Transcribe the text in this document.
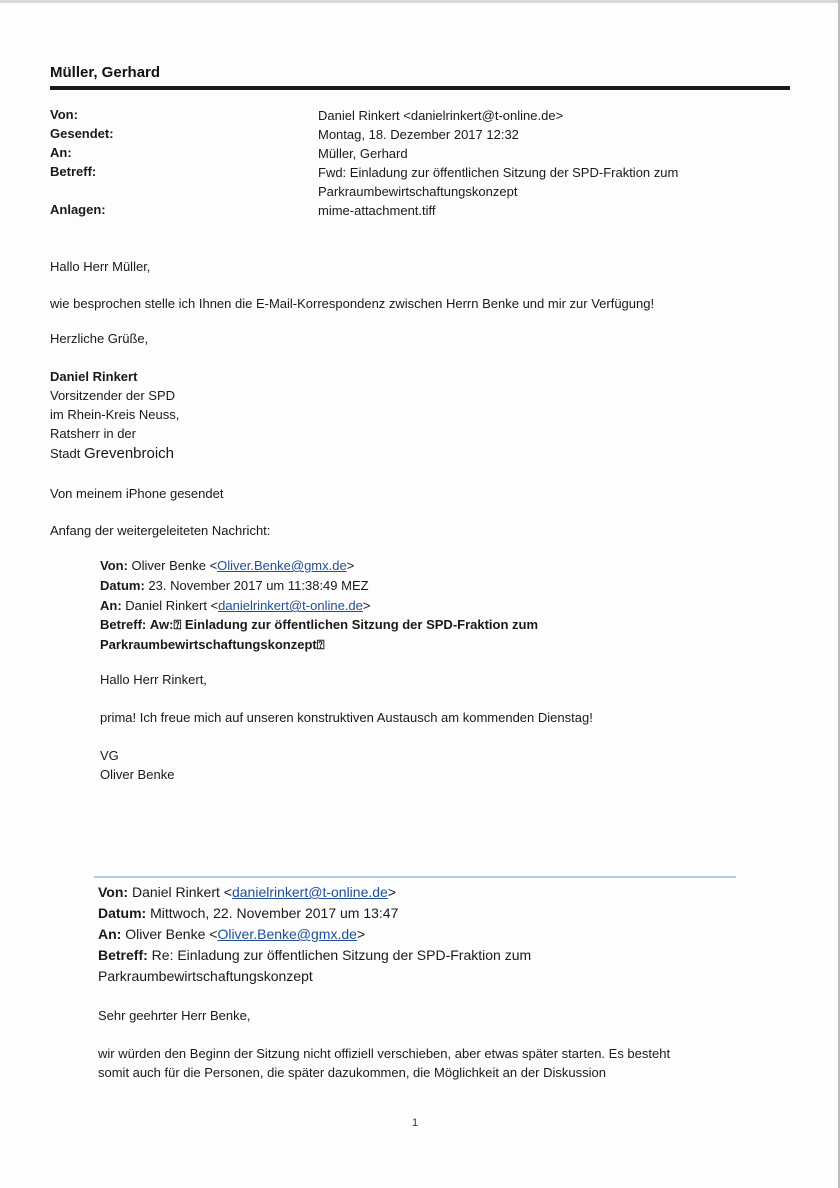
Müller, Gerhard
Von:
Gesendet:
An:
Betreff:
Anlagen:
Daniel Rinkert <danielrinkert@t-online.de>
Montag, 18. Dezember 2017 12:32
Müller, Gerhard
Fwd: Einladung zur öffentlichen Sitzung der SPD-Fraktion zum
Parkraumbewirtschaftungskonzept
mime-attachment.tiff
Hallo Herr Müller,
wie besprochen stelle ich Ihnen die E-Mail-Korrespondenz zwischen Herrn Benke und mir zur Verfügung!
Herzliche Grüße,
Daniel Rinkert
Vorsitzender der SPD
im Rhein-Kreis Neuss,
Ratsherr in der
Stadt Grevenbroich
Von meinem iPhone gesendet
Anfang der weitergeleiteten Nachricht:
Von: Oliver Benke <Oliver.Benke@gmx.de>
Datum: 23. November 2017 um 11:38:49 MEZ
An: Daniel Rinkert <danielrinkert@t-online.de>
Betreff: Aw:⍰ Einladung zur öffentlichen Sitzung der SPD-Fraktion zum
Parkraumbewirtschaftungskonzept⍰
Hallo Herr Rinkert,
prima! Ich freue mich auf unseren konstruktiven Austausch am kommenden Dienstag!
VG
Oliver Benke
Von: Daniel Rinkert <danielrinkert@t-online.de>
Datum: Mittwoch, 22. November 2017 um 13:47
An: Oliver Benke <Oliver.Benke@gmx.de>
Betreff: Re: Einladung zur öffentlichen Sitzung der SPD-Fraktion zum
Parkraumbewirtschaftungskonzept
Sehr geehrter Herr Benke,
wir würden den Beginn der Sitzung nicht offiziell verschieben, aber etwas später starten. Es besteht
somit auch für die Personen, die später dazukommen, die Möglichkeit an der Diskussion
1
